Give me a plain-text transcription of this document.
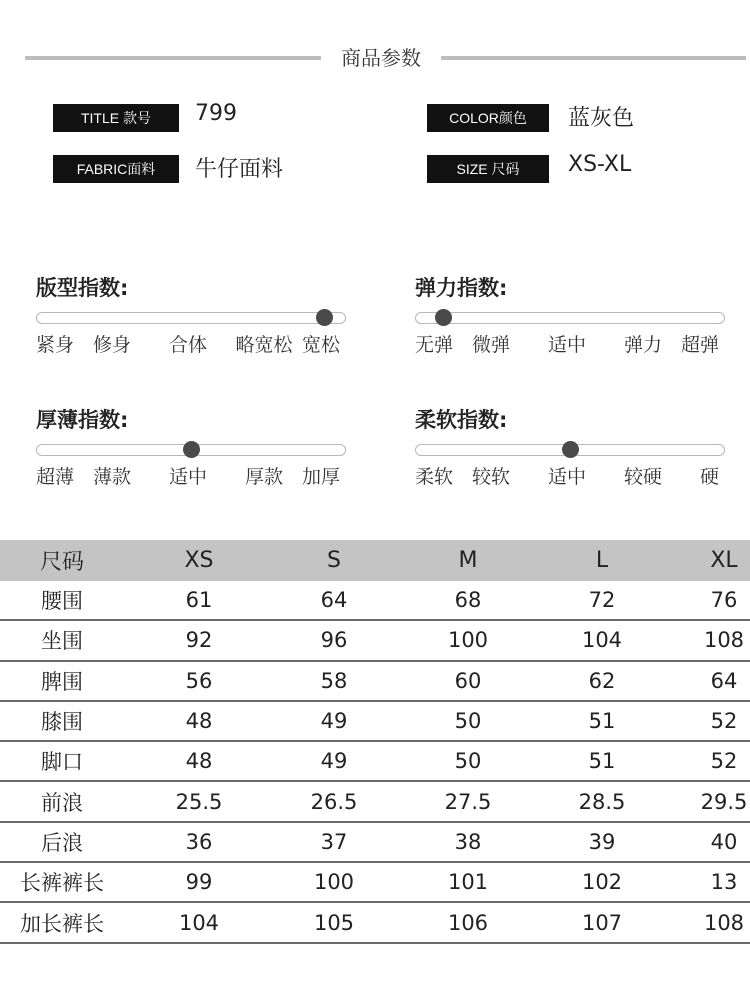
商品参数
TITLE 款号	799
FABRIC面料	牛仔面料
COLOR颜色	蓝灰色
SIZE 尺码	XS-XL
版型指数:
紧身 修身 合体 略宽松 宽松
弹力指数:
无弹 微弹 适中 弹力 超弹
厚薄指数:
超薄 薄款 适中 厚款 加厚
柔软指数:
柔软 较软 适中 较硬 硬
尺码	XS	S	M	L	XL
腰围	61	64	68	72	76
坐围	92	96	100	104	108
脾围	56	58	60	62	64
膝围	48	49	50	51	52
脚口	48	49	50	51	52
前浪	25.5	26.5	27.5	28.5	29.5
后浪	36	37	38	39	40
长裤裤长	99	100	101	102	13
加长裤长	104	105	106	107	108
